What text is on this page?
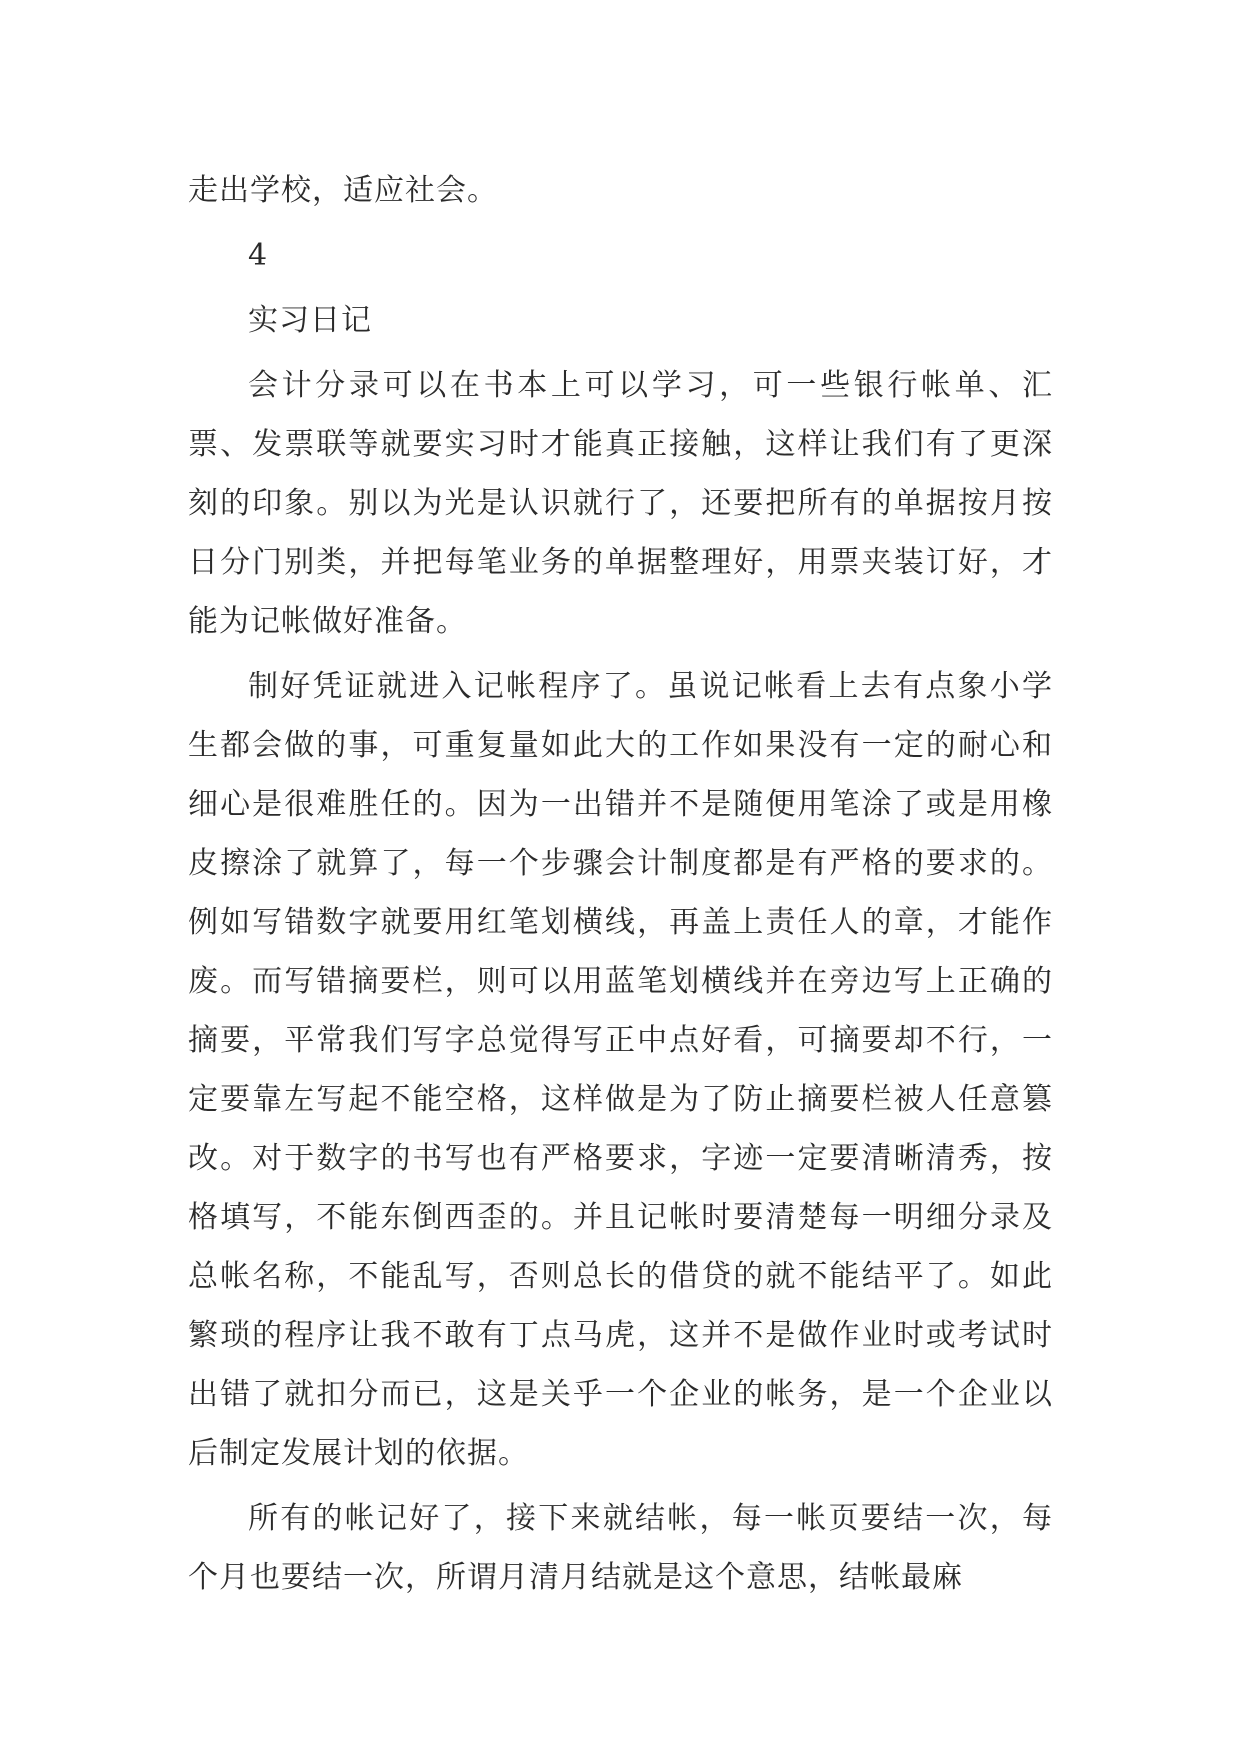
走出学校，适应社会。

4

实习日记

会计分录可以在书本上可以学习，可一些银行帐单、汇票、发票联等就要实习时才能真正接触，这样让我们有了更深刻的印象。别以为光是认识就行了，还要把所有的单据按月按日分门别类，并把每笔业务的单据整理好，用票夹装订好，才能为记帐做好准备。

制好凭证就进入记帐程序了。虽说记帐看上去有点象小学生都会做的事，可重复量如此大的工作如果没有一定的耐心和细心是很难胜任的。因为一出错并不是随便用笔涂了或是用橡皮擦涂了就算了，每一个步骤会计制度都是有严格的要求的。例如写错数字就要用红笔划横线，再盖上责任人的章，才能作废。而写错摘要栏，则可以用蓝笔划横线并在旁边写上正确的摘要，平常我们写字总觉得写正中点好看，可摘要却不行，一定要靠左写起不能空格，这样做是为了防止摘要栏被人任意篡改。对于数字的书写也有严格要求，字迹一定要清晰清秀，按格填写，不能东倒西歪的。并且记帐时要清楚每一明细分录及总帐名称，不能乱写，否则总长的借贷的就不能结平了。如此繁琐的程序让我不敢有丁点马虎，这并不是做作业时或考试时出错了就扣分而已，这是关乎一个企业的帐务，是一个企业以后制定发展计划的依据。

所有的帐记好了，接下来就结帐，每一帐页要结一次，每个月也要结一次，所谓月清月结就是这个意思，结帐最麻
